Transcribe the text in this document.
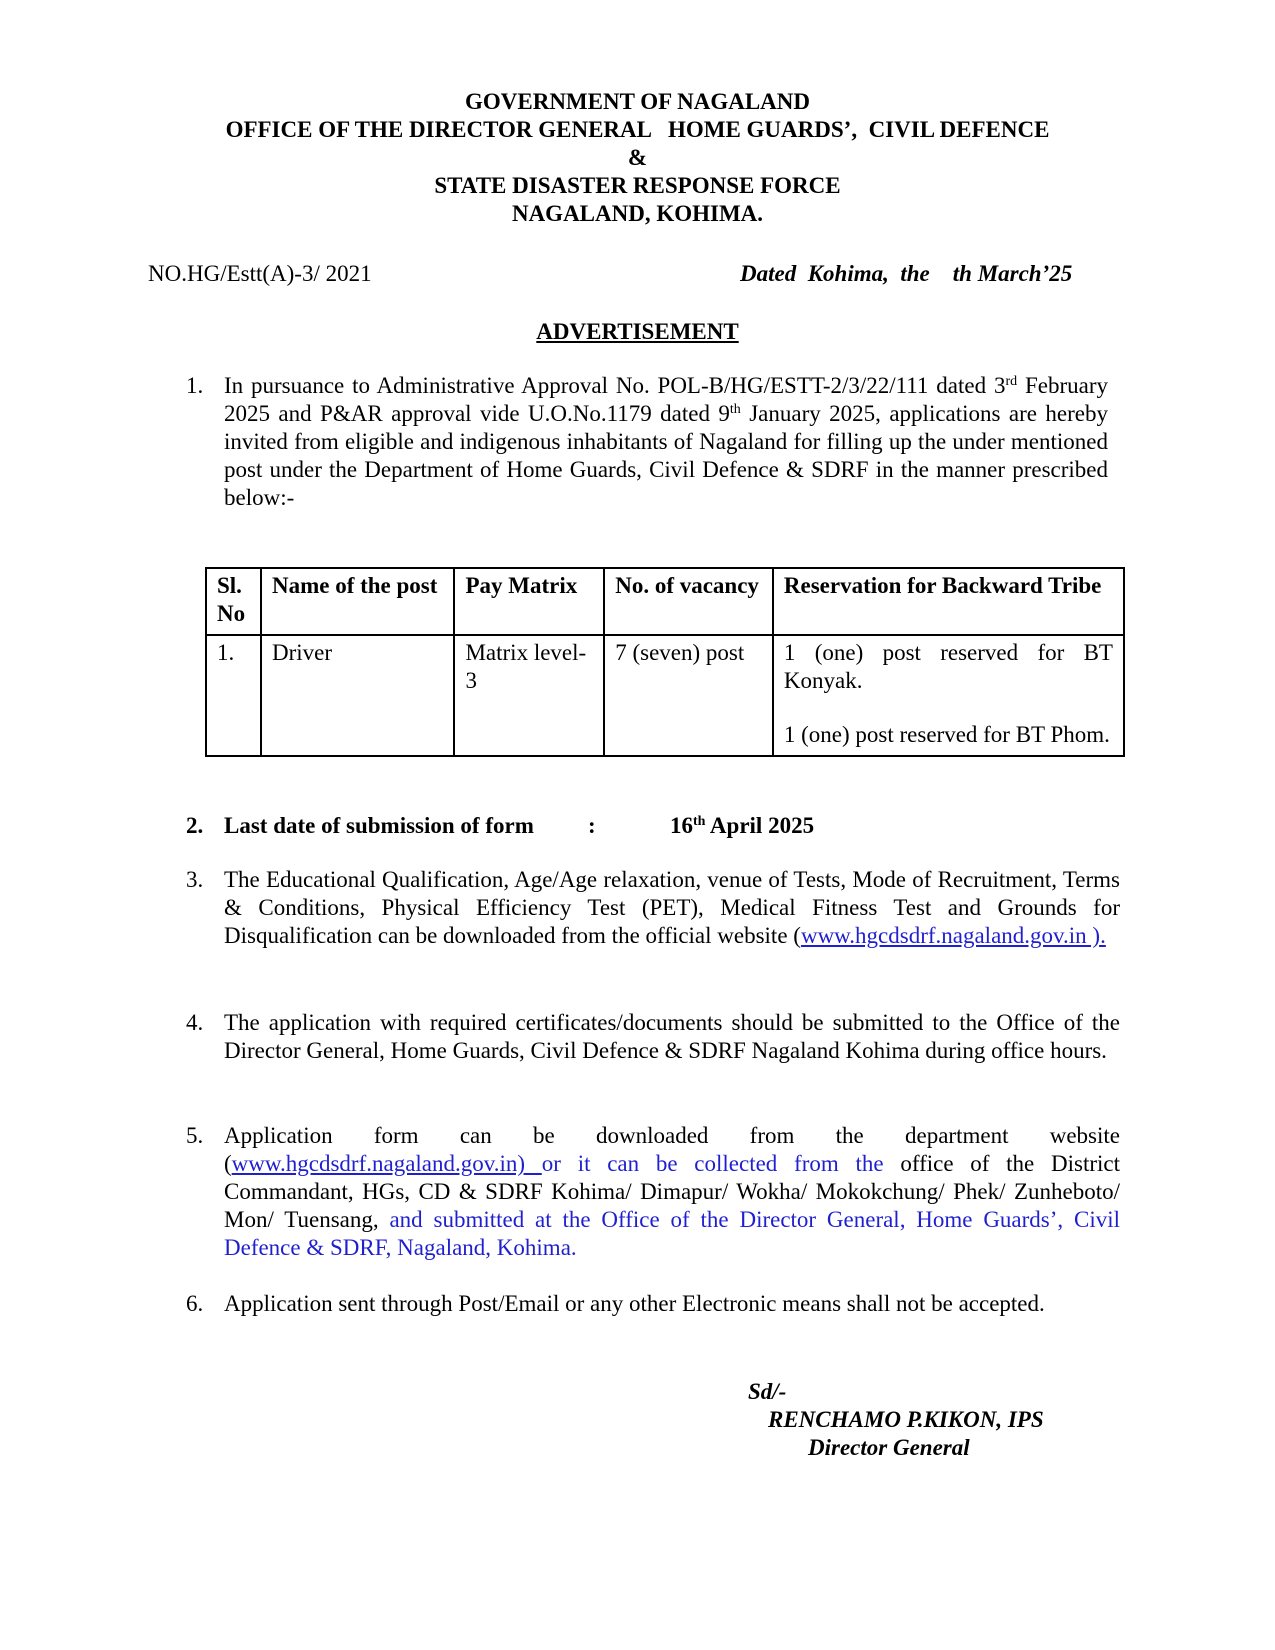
GOVERNMENT OF NAGALAND
OFFICE OF THE DIRECTOR GENERAL   HOME GUARDS’,  CIVIL DEFENCE
&
STATE DISASTER RESPONSE FORCE
NAGALAND, KOHIMA.
NO.HG/Estt(A)-3/ 2021	Dated  Kohima,  the    th March’25
ADVERTISEMENT
1. In pursuance to Administrative Approval No. POL-B/HG/ESTT-2/3/22/111 dated 3rd February 2025 and P&AR approval vide U.O.No.1179 dated 9th January 2025, applications are hereby invited from eligible and indigenous inhabitants of Nagaland for filling up the under mentioned post under the Department of Home Guards, Civil Defence & SDRF in the manner prescribed below:-
Sl. No	Name of the post	Pay Matrix	No. of vacancy	Reservation for Backward Tribe
1.	Driver	Matrix level-3	7 (seven) post	1 (one) post reserved for BT Konyak.
1 (one) post reserved for BT Phom.
2. Last date of submission of form :	16th April 2025
3. The Educational Qualification, Age/Age relaxation, venue of Tests, Mode of Recruitment, Terms & Conditions, Physical Efficiency Test (PET), Medical Fitness Test and Grounds for Disqualification can be downloaded from the official website (www.hgcdsdrf.nagaland.gov.in ).
4. The application with required certificates/documents should be submitted to the Office of the Director General, Home Guards, Civil Defence & SDRF Nagaland Kohima during office hours.
5. Application form can be downloaded from the department website (www.hgcdsdrf.nagaland.gov.in) or it can be collected from the office of the District Commandant, HGs, CD & SDRF Kohima/ Dimapur/ Wokha/ Mokokchung/ Phek/ Zunheboto/ Mon/ Tuensang, and submitted at the Office of the Director General, Home Guards’, Civil Defence & SDRF, Nagaland, Kohima.
6. Application sent through Post/Email or any other Electronic means shall not be accepted.
Sd/-
RENCHAMO P.KIKON, IPS
Director General
